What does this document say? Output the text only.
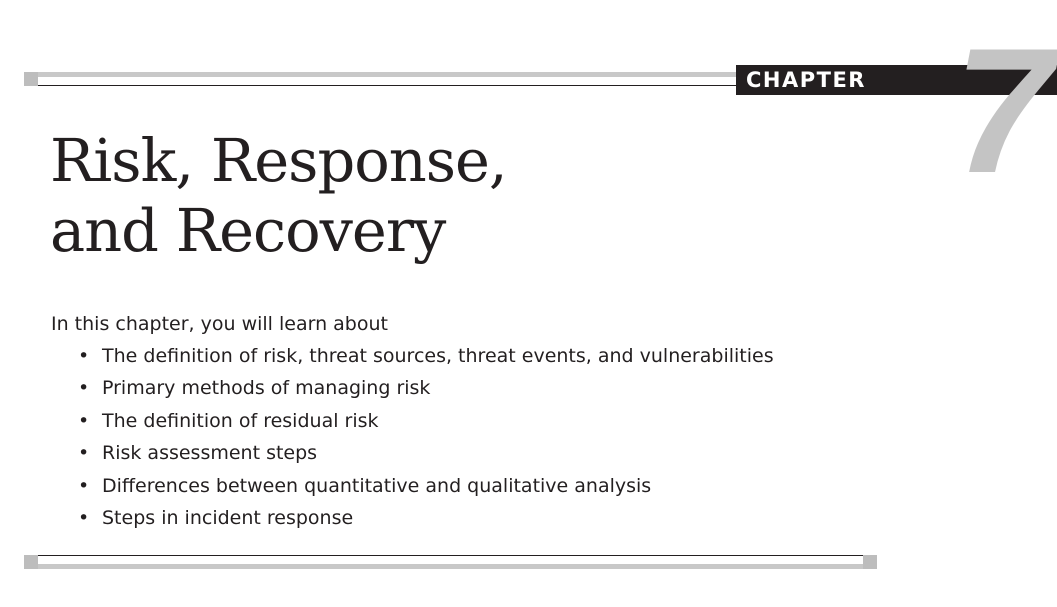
CHAPTER 7
Risk, Response,
and Recovery
In this chapter, you will learn about
• The definition of risk, threat sources, threat events, and vulnerabilities
• Primary methods of managing risk
• The definition of residual risk
• Risk assessment steps
• Differences between quantitative and qualitative analysis
• Steps in incident response
